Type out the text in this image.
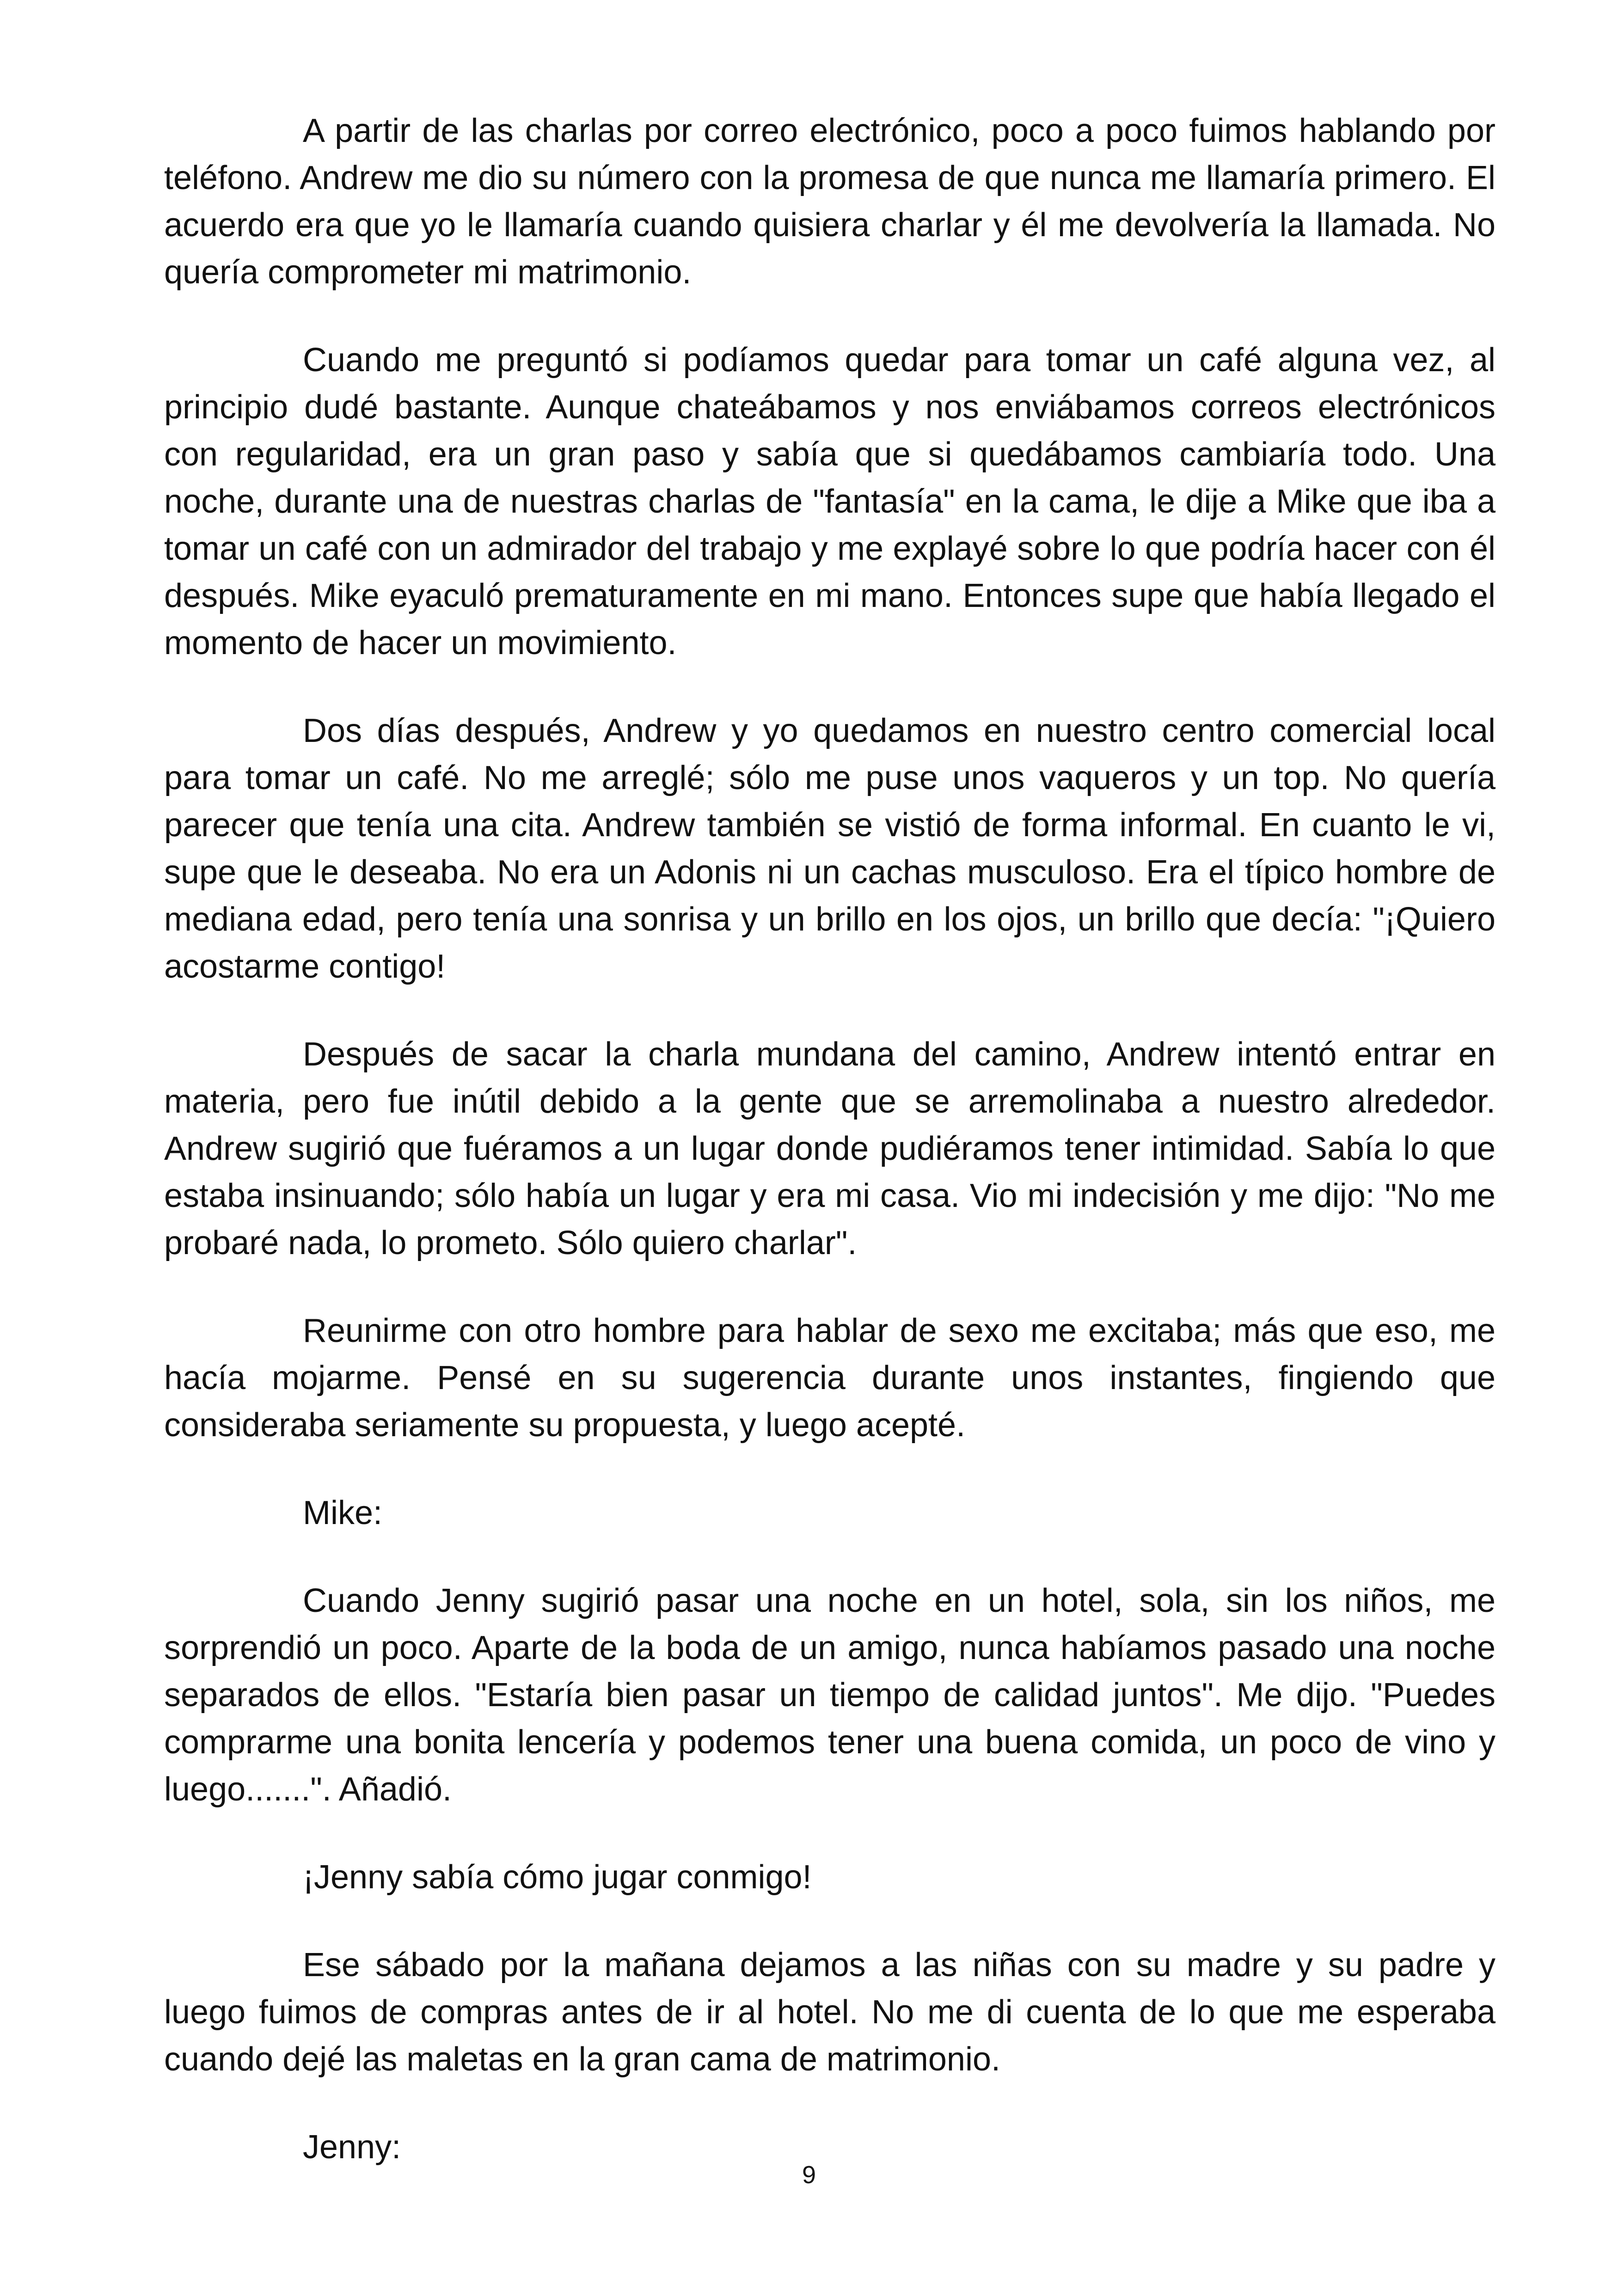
A partir de las charlas por correo electrónico, poco a poco fuimos hablando por teléfono. Andrew me dio su número con la promesa de que nunca me llamaría primero. El acuerdo era que yo le llamaría cuando quisiera charlar y él me devolvería la llamada. No quería comprometer mi matrimonio.

Cuando me preguntó si podíamos quedar para tomar un café alguna vez, al principio dudé bastante. Aunque chateábamos y nos enviábamos correos electrónicos con regularidad, era un gran paso y sabía que si quedábamos cambiaría todo. Una noche, durante una de nuestras charlas de "fantasía" en la cama, le dije a Mike que iba a tomar un café con un admirador del trabajo y me explayé sobre lo que podría hacer con él después. Mike eyaculó prematuramente en mi mano. Entonces supe que había llegado el momento de hacer un movimiento.

Dos días después, Andrew y yo quedamos en nuestro centro comercial local para tomar un café. No me arreglé; sólo me puse unos vaqueros y un top. No quería parecer que tenía una cita. Andrew también se vistió de forma informal. En cuanto le vi, supe que le deseaba. No era un Adonis ni un cachas musculoso. Era el típico hombre de mediana edad, pero tenía una sonrisa y un brillo en los ojos, un brillo que decía: "¡Quiero acostarme contigo!

Después de sacar la charla mundana del camino, Andrew intentó entrar en materia, pero fue inútil debido a la gente que se arremolinaba a nuestro alrededor. Andrew sugirió que fuéramos a un lugar donde pudiéramos tener intimidad. Sabía lo que estaba insinuando; sólo había un lugar y era mi casa. Vio mi indecisión y me dijo: "No me probaré nada, lo prometo. Sólo quiero charlar".

Reunirme con otro hombre para hablar de sexo me excitaba; más que eso, me hacía mojarme. Pensé en su sugerencia durante unos instantes, fingiendo que consideraba seriamente su propuesta, y luego acepté.

Mike:

Cuando Jenny sugirió pasar una noche en un hotel, sola, sin los niños, me sorprendió un poco. Aparte de la boda de un amigo, nunca habíamos pasado una noche separados de ellos. "Estaría bien pasar un tiempo de calidad juntos". Me dijo. "Puedes comprarme una bonita lencería y podemos tener una buena comida, un poco de vino y luego.......". Añadió.

¡Jenny sabía cómo jugar conmigo!

Ese sábado por la mañana dejamos a las niñas con su madre y su padre y luego fuimos de compras antes de ir al hotel. No me di cuenta de lo que me esperaba cuando dejé las maletas en la gran cama de matrimonio.

Jenny:

9
